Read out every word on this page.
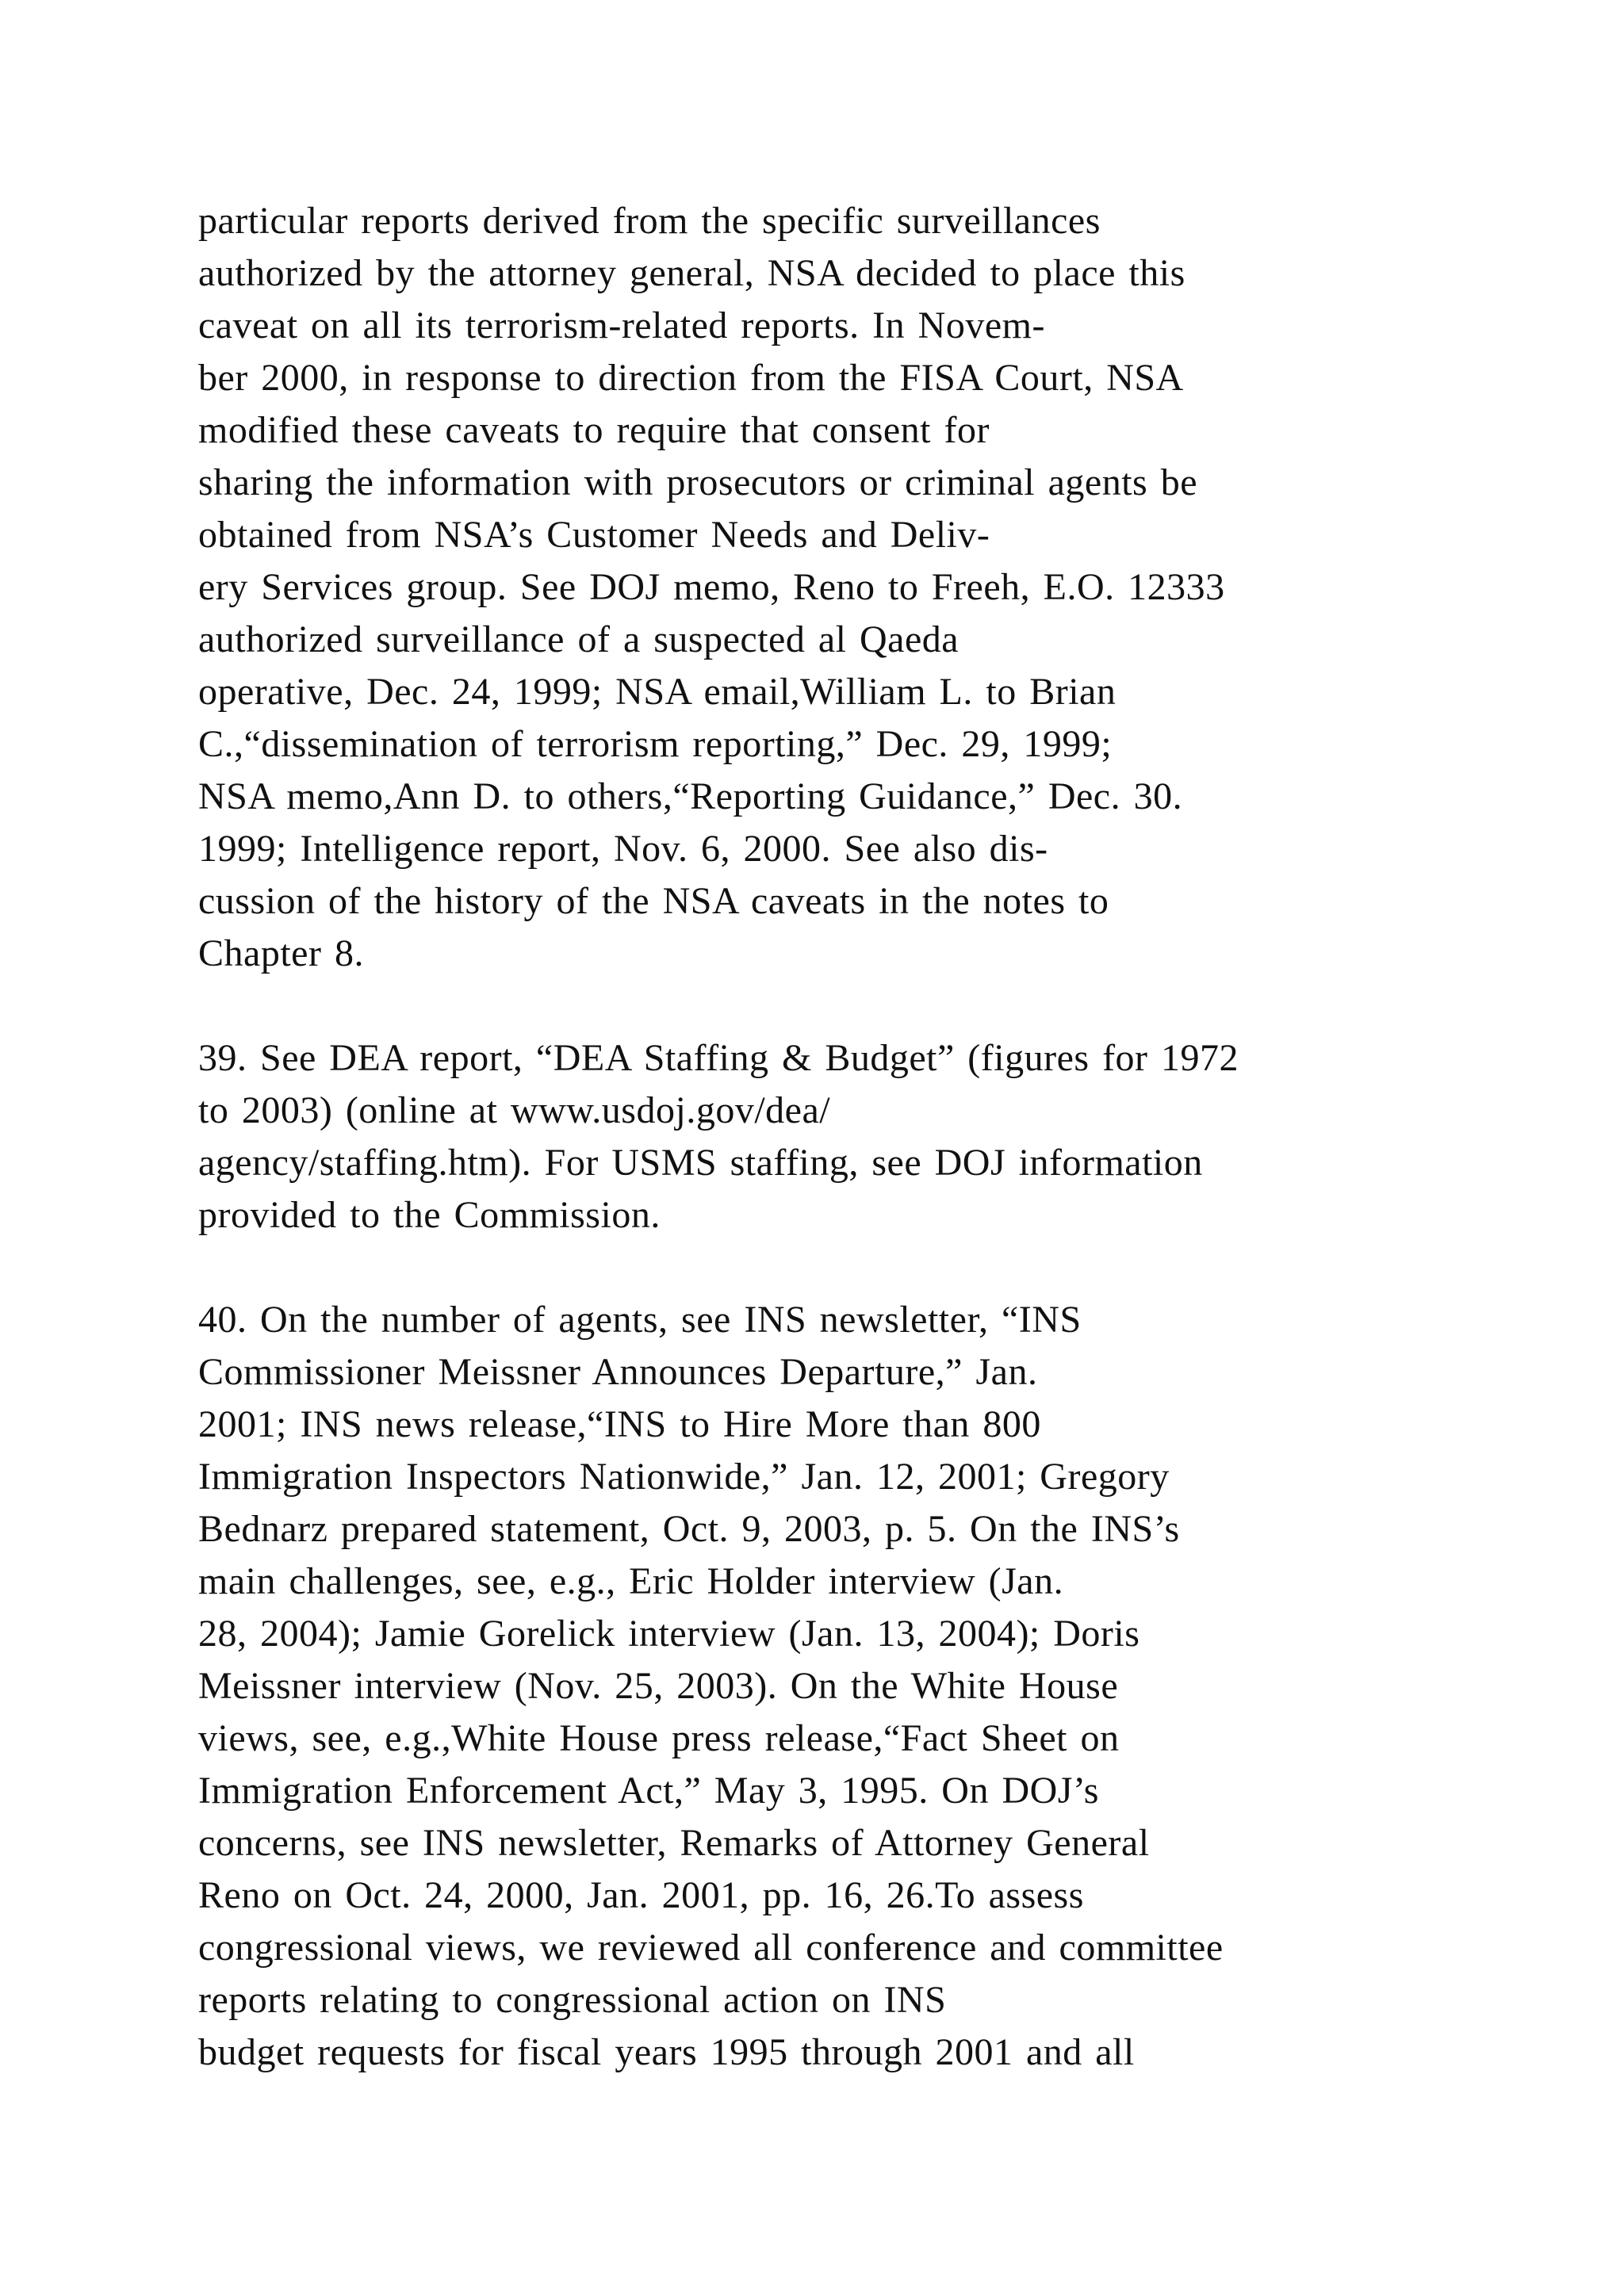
particular reports derived from the specific surveillances
authorized by the attorney general, NSA decided to place this
caveat on all its terrorism-related reports. In Novem-
ber 2000, in response to direction from the FISA Court, NSA
modified these caveats to require that consent for
sharing the information with prosecutors or criminal agents be
obtained from NSA’s Customer Needs and Deliv-
ery Services group. See DOJ memo, Reno to Freeh, E.O. 12333
authorized surveillance of a suspected al Qaeda
operative, Dec. 24, 1999; NSA email,William L. to Brian
C.,“dissemination of terrorism reporting,” Dec. 29, 1999;
NSA memo,Ann D. to others,“Reporting Guidance,” Dec. 30.
1999; Intelligence report, Nov. 6, 2000. See also dis-
cussion of the history of the NSA caveats in the notes to
Chapter 8.
39. See DEA report, “DEA Staffing & Budget” (figures for 1972
to 2003) (online at www.usdoj.gov/dea/
agency/staffing.htm). For USMS staffing, see DOJ information
provided to the Commission.
40. On the number of agents, see INS newsletter, “INS
Commissioner Meissner Announces Departure,” Jan.
2001; INS news release,“INS to Hire More than 800
Immigration Inspectors Nationwide,” Jan. 12, 2001; Gregory
Bednarz prepared statement, Oct. 9, 2003, p. 5. On the INS’s
main challenges, see, e.g., Eric Holder interview (Jan.
28, 2004); Jamie Gorelick interview (Jan. 13, 2004); Doris
Meissner interview (Nov. 25, 2003). On the White House
views, see, e.g.,White House press release,“Fact Sheet on
Immigration Enforcement Act,” May 3, 1995. On DOJ’s
concerns, see INS newsletter, Remarks of Attorney General
Reno on Oct. 24, 2000, Jan. 2001, pp. 16, 26.To assess
congressional views, we reviewed all conference and committee
reports relating to congressional action on INS
budget requests for fiscal years 1995 through 2001 and all
